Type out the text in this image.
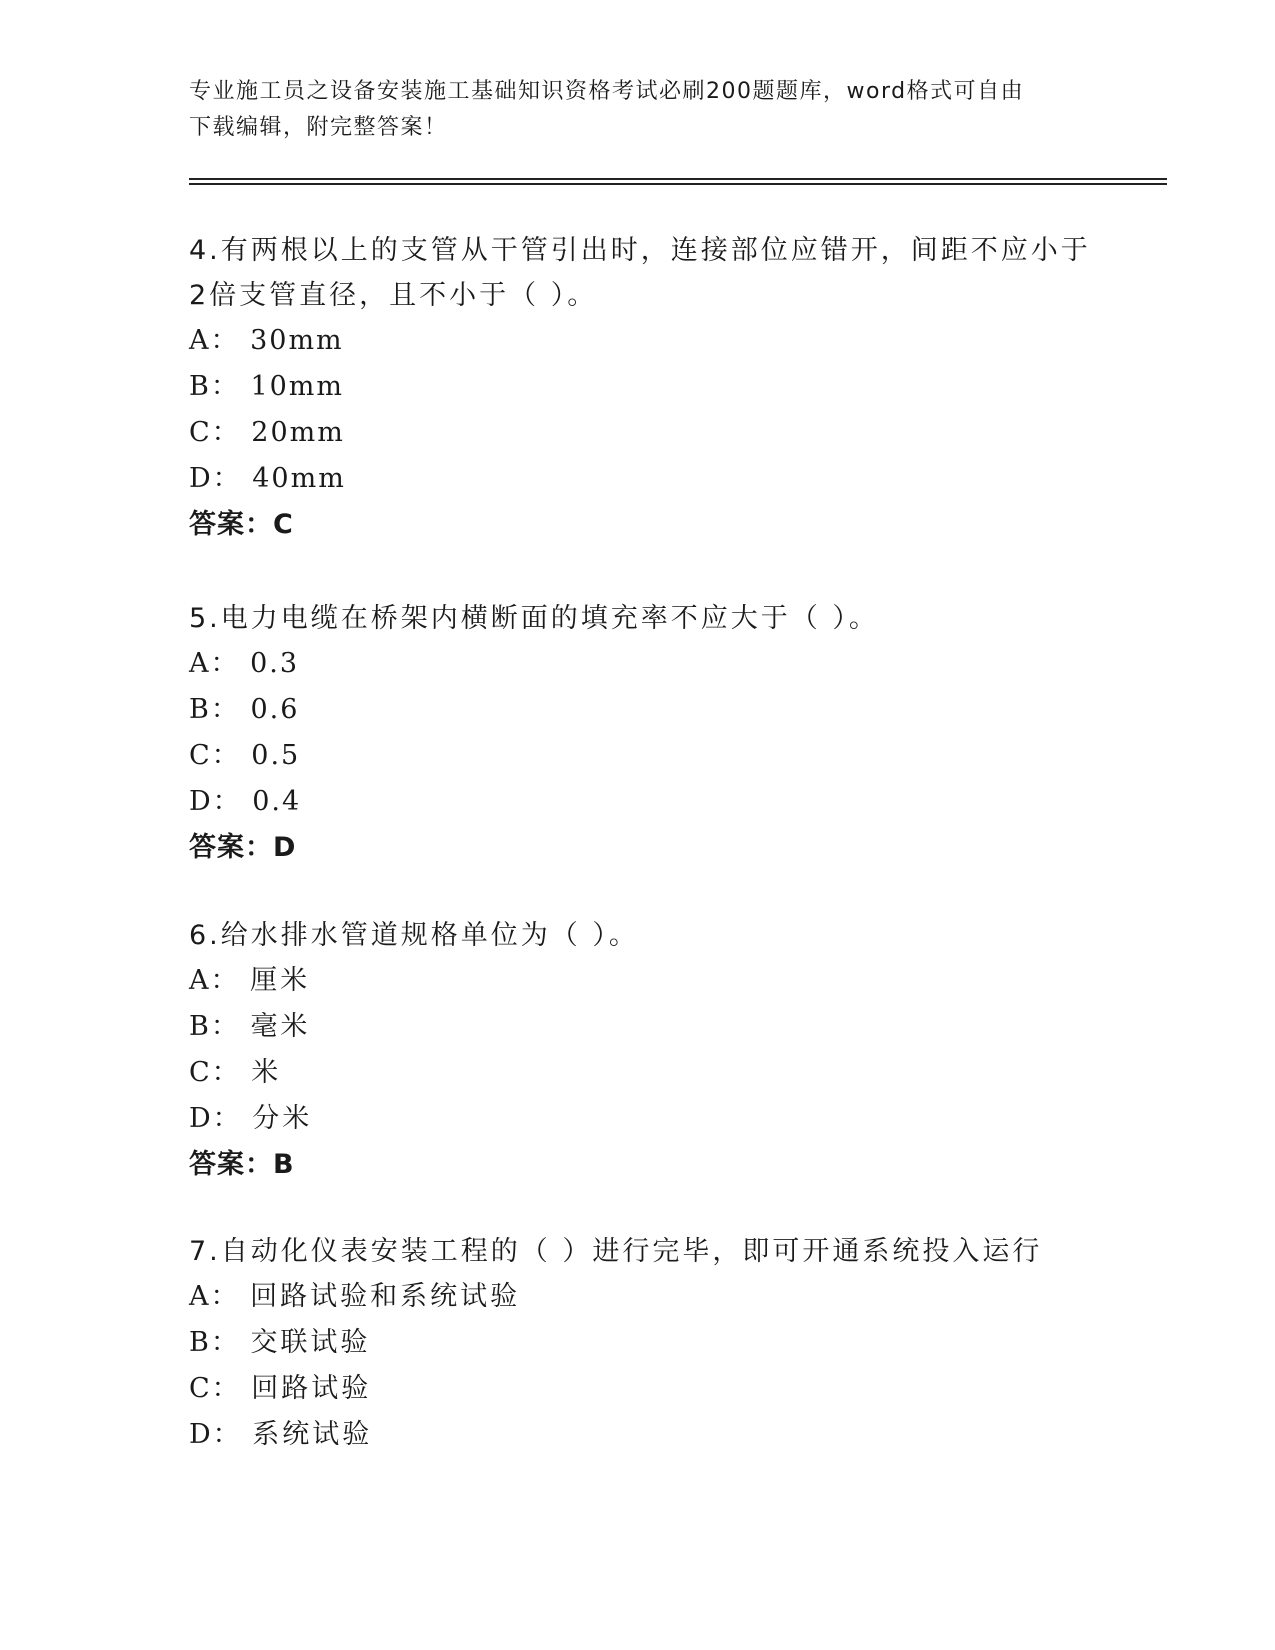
专业施工员之设备安装施工基础知识资格考试必刷200题题库，word格式可自由
下载编辑，附完整答案！

4.有两根以上的支管从干管引出时，连接部位应错开，间距不应小于

2倍支管直径，且不小于（ ）。

A： 30mm

B： 10mm

C： 20mm

D： 40mm

答案：C

5.电力电缆在桥架内横断面的填充率不应大于（ ）。

A： 0.3

B： 0.6

C： 0.5

D： 0.4

答案：D

6.给水排水管道规格单位为（ ）。

A： 厘米

B： 毫米

C： 米

D： 分米

答案：B

7.自动化仪表安装工程的（ ）进行完毕，即可开通系统投入运行

A： 回路试验和系统试验

B： 交联试验

C： 回路试验

D： 系统试验
